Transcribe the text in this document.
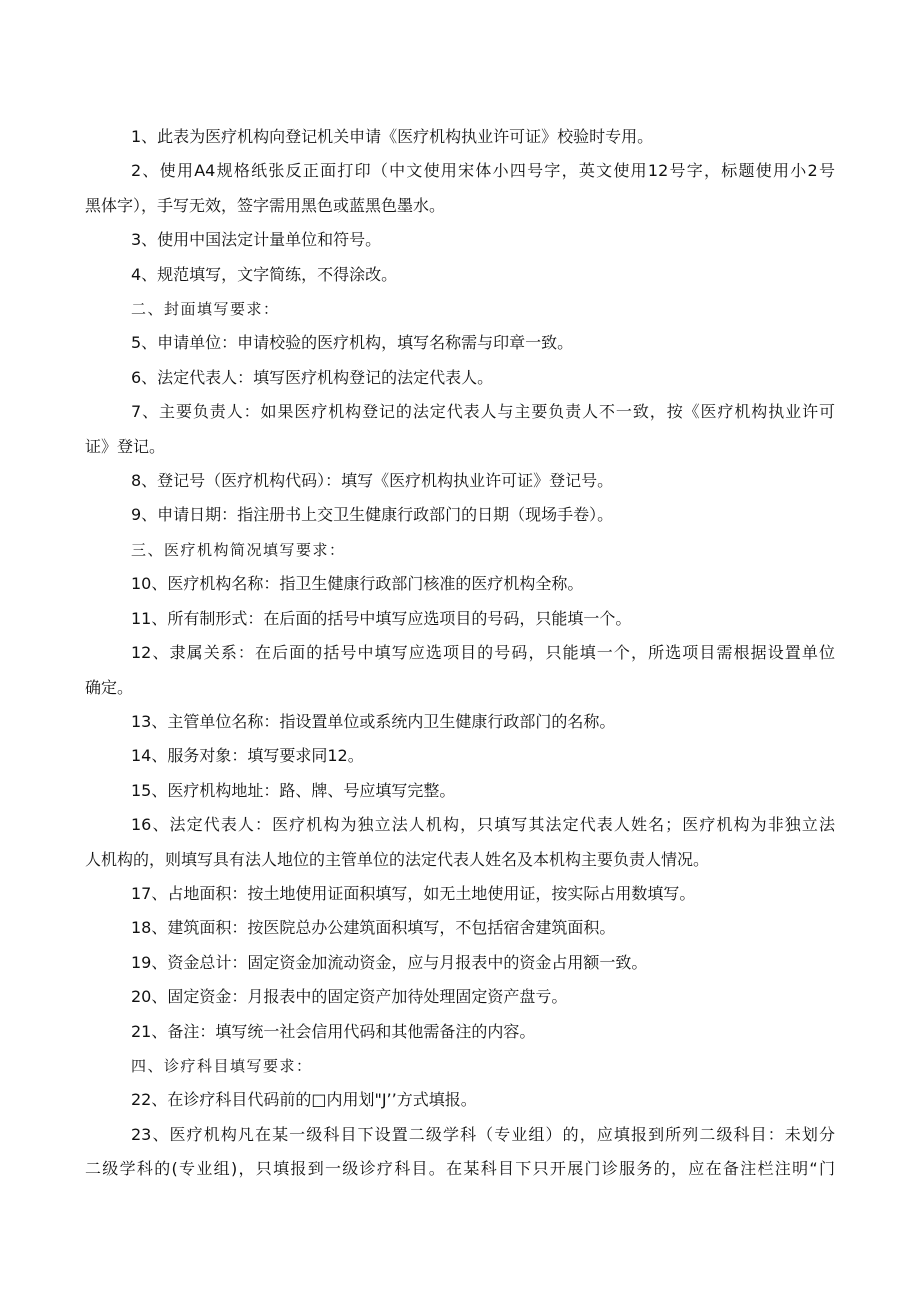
1、此表为医疗机构向登记机关申请《医疗机构执业许可证》校验时专用。

2、使用A4规格纸张反正面打印（中文使用宋体小四号字，英文使用12号字，标题使用小2号

黑体字），手写无效，签字需用黑色或蓝黑色墨水。

3、使用中国法定计量单位和符号。

4、规范填写，文字简练，不得涂改。

二、封面填写要求：

5、申请单位：申请校验的医疗机构，填写名称需与印章一致。

6、法定代表人：填写医疗机构登记的法定代表人。

7、主要负责人：如果医疗机构登记的法定代表人与主要负责人不一致，按《医疗机构执业许可

证》登记。

8、登记号（医疗机构代码）：填写《医疗机构执业许可证》登记号。

9、申请日期：指注册书上交卫生健康行政部门的日期（现场手卷）。

三、医疗机构简况填写要求：

10、医疗机构名称：指卫生健康行政部门核准的医疗机构全称。

11、所有制形式：在后面的括号中填写应选项目的号码，只能填一个。

12、隶属关系：在后面的括号中填写应选项目的号码，只能填一个，所选项目需根据设置单位

确定。

13、主管单位名称：指设置单位或系统内卫生健康行政部门的名称。

14、服务对象：填写要求同12。

15、医疗机构地址：路、牌、号应填写完整。

16、法定代表人：医疗机构为独立法人机构，只填写其法定代表人姓名；医疗机构为非独立法

人机构的，则填写具有法人地位的主管单位的法定代表人姓名及本机构主要负责人情况。

17、占地面积：按土地使用证面积填写，如无土地使用证，按实际占用数填写。

18、建筑面积：按医院总办公建筑面积填写，不包括宿舍建筑面积。

19、资金总计：固定资金加流动资金，应与月报表中的资金占用额一致。

20、固定资金：月报表中的固定资产加待处理固定资产盘亏。

21、备注：填写统一社会信用代码和其他需备注的内容。

四、诊疗科目填写要求：

22、在诊疗科目代码前的□内用划"J’’方式填报。

23、医疗机构凡在某一级科目下设置二级学科（专业组）的，应填报到所列二级科目：未划分

二级学科的(专业组)，只填报到一级诊疗科目。在某科目下只开展门诊服务的，应在备注栏注明“门
